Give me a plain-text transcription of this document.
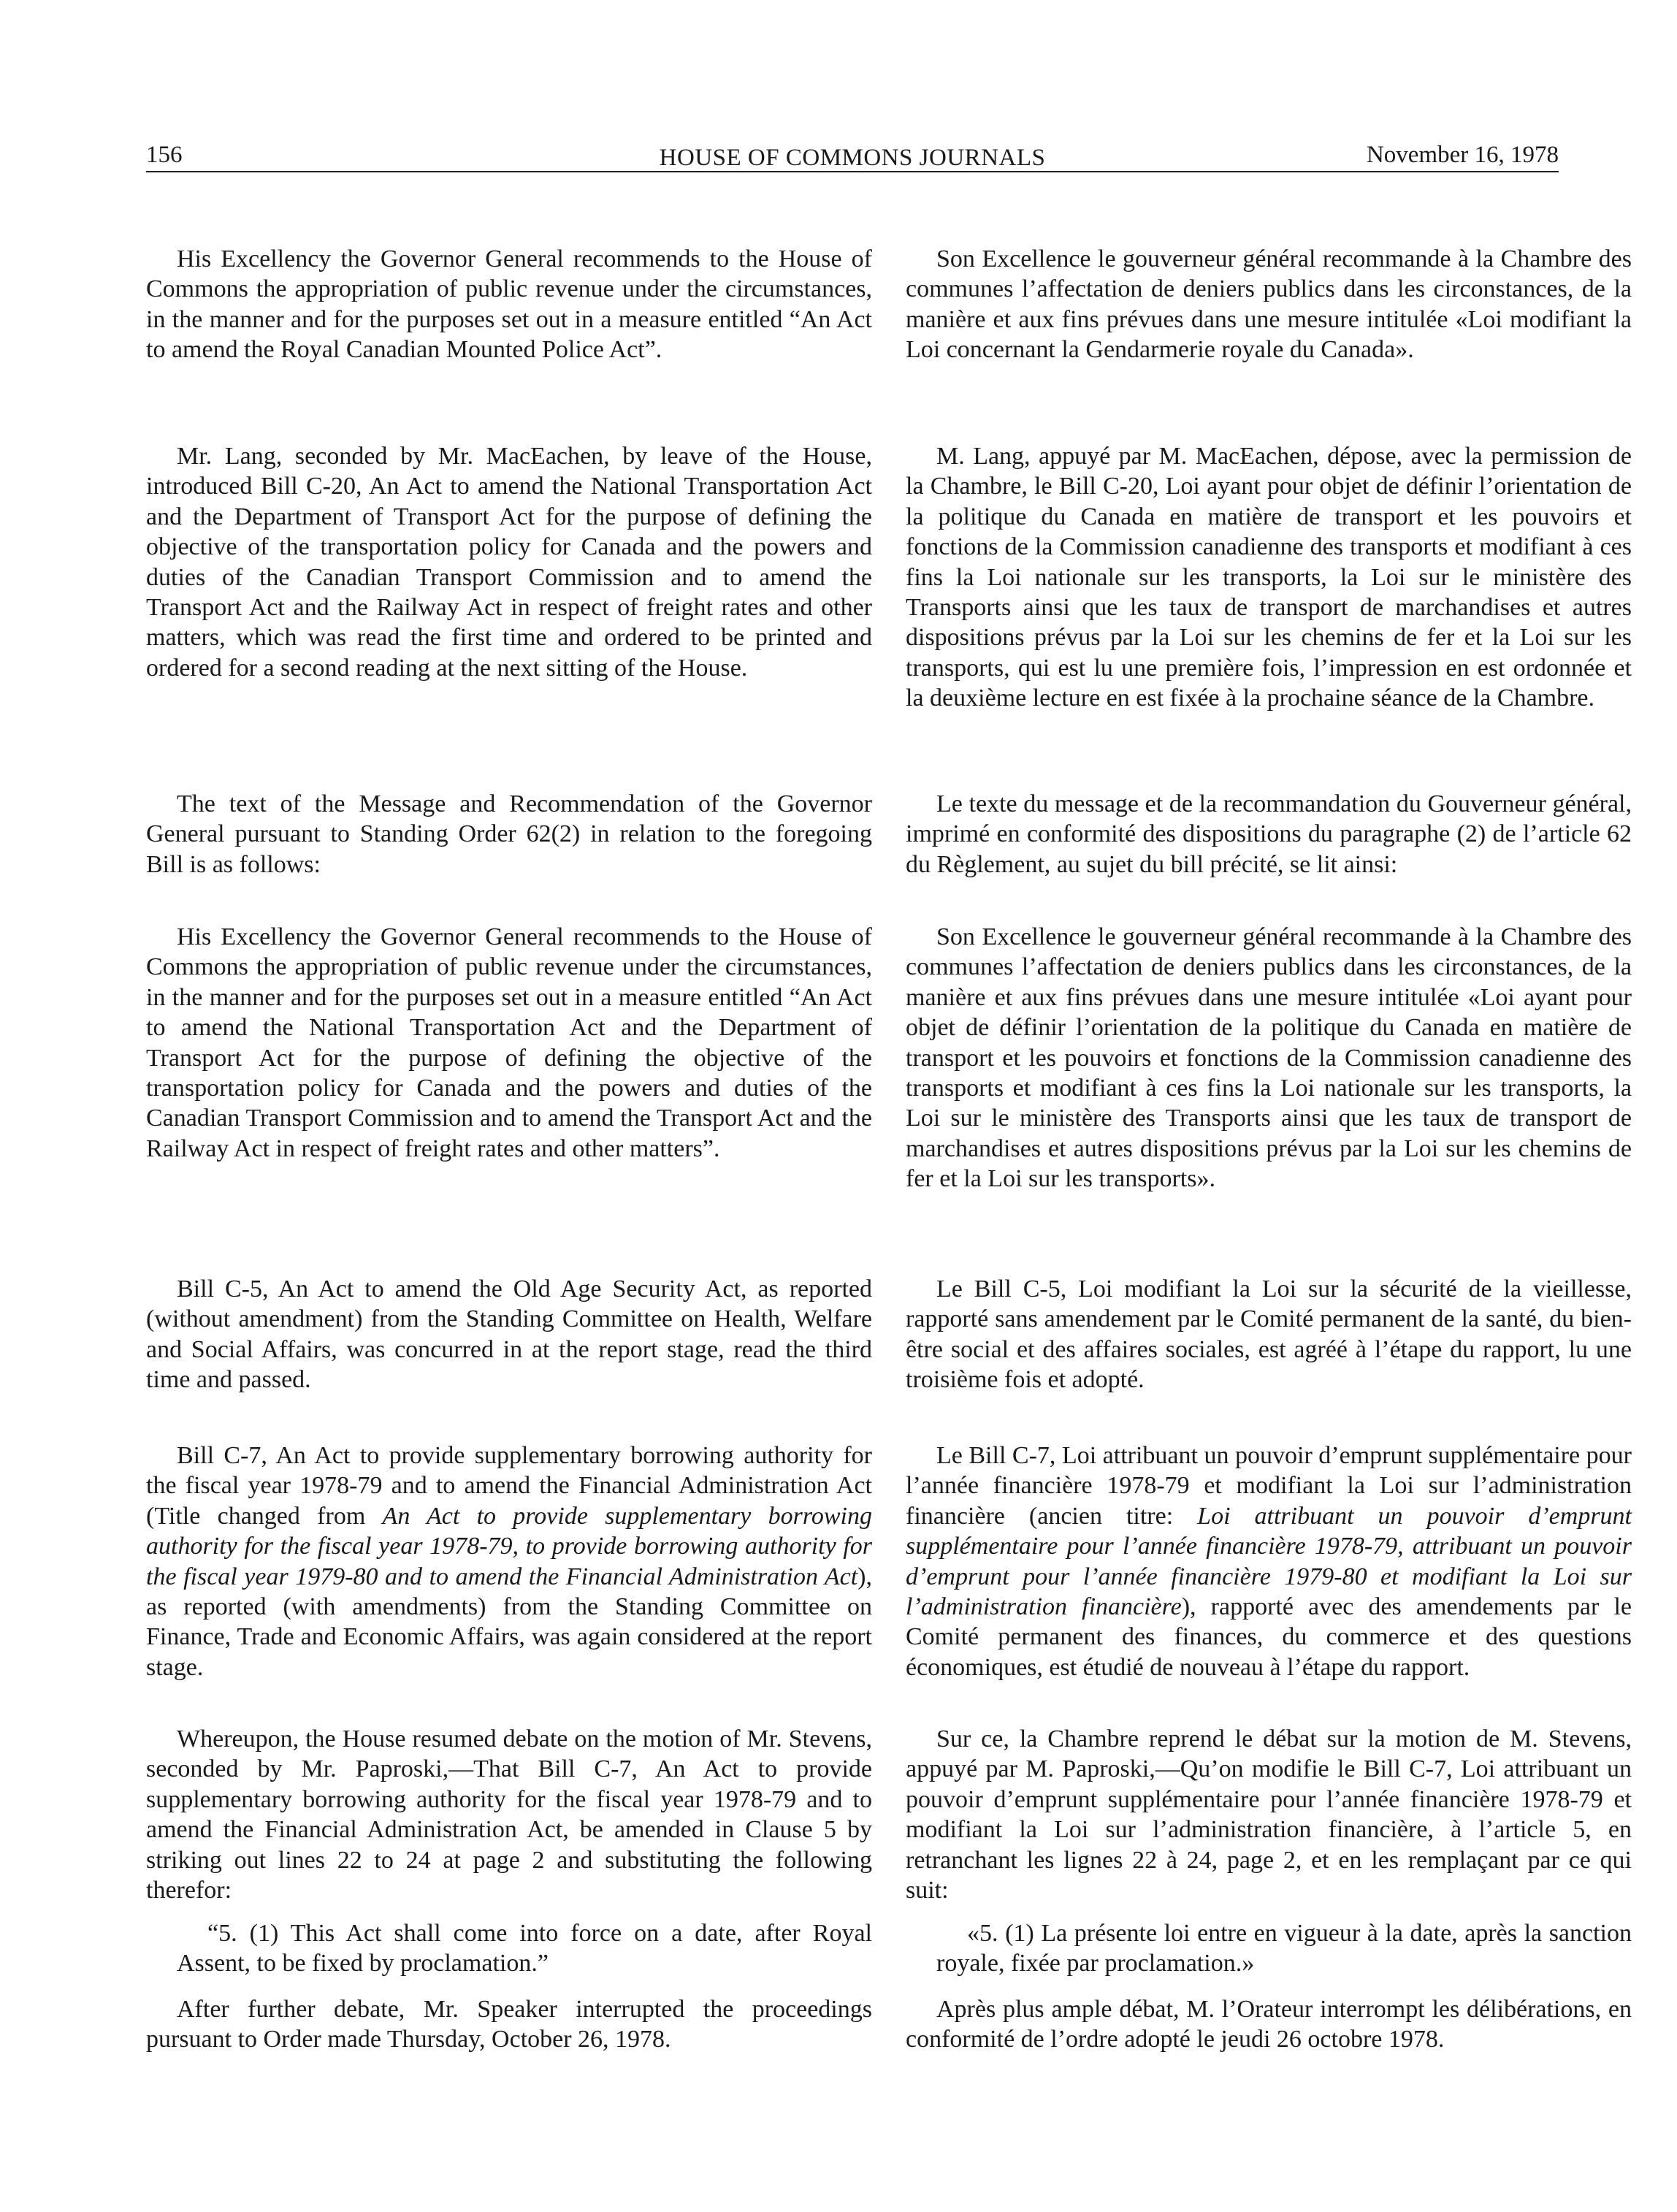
156	HOUSE OF COMMONS JOURNALS	November 16, 1978

His Excellency the Governor General recommends to the House of Commons the appropriation of public revenue under the circumstances, in the manner and for the purposes set out in a measure entitled “An Act to amend the Royal Canadian Mounted Police Act”.

Mr. Lang, seconded by Mr. MacEachen, by leave of the House, introduced Bill C-20, An Act to amend the National Transportation Act and the Department of Transport Act for the purpose of defining the objective of the transportation policy for Canada and the powers and duties of the Canadian Transport Commission and to amend the Transport Act and the Railway Act in respect of freight rates and other matters, which was read the first time and ordered to be printed and ordered for a second reading at the next sitting of the House.

The text of the Message and Recommendation of the Governor General pursuant to Standing Order 62(2) in relation to the foregoing Bill is as follows:

His Excellency the Governor General recommends to the House of Commons the appropriation of public revenue under the circumstances, in the manner and for the purposes set out in a measure entitled “An Act to amend the National Transportation Act and the Department of Transport Act for the purpose of defining the objective of the transportation policy for Canada and the powers and duties of the Canadian Transport Commission and to amend the Transport Act and the Railway Act in respect of freight rates and other matters”.

Bill C-5, An Act to amend the Old Age Security Act, as reported (without amendment) from the Standing Committee on Health, Welfare and Social Affairs, was concurred in at the report stage, read the third time and passed.

Bill C-7, An Act to provide supplementary borrowing authority for the fiscal year 1978-79 and to amend the Financial Administration Act (Title changed from An Act to provide supplementary borrowing authority for the fiscal year 1978-79, to provide borrowing authority for the fiscal year 1979-80 and to amend the Financial Administration Act), as reported (with amendments) from the Standing Committee on Finance, Trade and Economic Affairs, was again considered at the report stage.

Whereupon, the House resumed debate on the motion of Mr. Stevens, seconded by Mr. Paproski,—That Bill C-7, An Act to provide supplementary borrowing authority for the fiscal year 1978-79 and to amend the Financial Administration Act, be amended in Clause 5 by striking out lines 22 to 24 at page 2 and substituting the following therefor:

“5. (1) This Act shall come into force on a date, after Royal Assent, to be fixed by proclamation.”

After further debate, Mr. Speaker interrupted the proceedings pursuant to Order made Thursday, October 26, 1978.

Son Excellence le gouverneur général recommande à la Chambre des communes l’affectation de deniers publics dans les circonstances, de la manière et aux fins prévues dans une mesure intitulée «Loi modifiant la Loi concernant la Gendarmerie royale du Canada».

M. Lang, appuyé par M. MacEachen, dépose, avec la permission de la Chambre, le Bill C-20, Loi ayant pour objet de définir l’orientation de la politique du Canada en matière de transport et les pouvoirs et fonctions de la Commission canadienne des transports et modifiant à ces fins la Loi nationale sur les transports, la Loi sur le ministère des Transports ainsi que les taux de transport de marchandises et autres dispositions prévus par la Loi sur les chemins de fer et la Loi sur les transports, qui est lu une première fois, l’impression en est ordonnée et la deuxième lecture en est fixée à la prochaine séance de la Chambre.

Le texte du message et de la recommandation du Gouverneur général, imprimé en conformité des dispositions du paragraphe (2) de l’article 62 du Règlement, au sujet du bill précité, se lit ainsi:

Son Excellence le gouverneur général recommande à la Chambre des communes l’affectation de deniers publics dans les circonstances, de la manière et aux fins prévues dans une mesure intitulée «Loi ayant pour objet de définir l’orientation de la politique du Canada en matière de transport et les pouvoirs et fonctions de la Commission canadienne des transports et modifiant à ces fins la Loi nationale sur les transports, la Loi sur le ministère des Transports ainsi que les taux de transport de marchandises et autres dispositions prévus par la Loi sur les chemins de fer et la Loi sur les transports».

Le Bill C-5, Loi modifiant la Loi sur la sécurité de la vieillesse, rapporté sans amendement par le Comité permanent de la santé, du bien-être social et des affaires sociales, est agréé à l’étape du rapport, lu une troisième fois et adopté.

Le Bill C-7, Loi attribuant un pouvoir d’emprunt supplémentaire pour l’année financière 1978-79 et modifiant la Loi sur l’administration financière (ancien titre: Loi attribuant un pouvoir d’emprunt supplémentaire pour l’année financière 1978-79, attribuant un pouvoir d’emprunt pour l’année financière 1979-80 et modifiant la Loi sur l’administration financière), rapporté avec des amendements par le Comité permanent des finances, du commerce et des questions économiques, est étudié de nouveau à l’étape du rapport.

Sur ce, la Chambre reprend le débat sur la motion de M. Stevens, appuyé par M. Paproski,—Qu’on modifie le Bill C-7, Loi attribuant un pouvoir d’emprunt supplémentaire pour l’année financière 1978-79 et modifiant la Loi sur l’administration financière, à l’article 5, en retranchant les lignes 22 à 24, page 2, et en les remplaçant par ce qui suit:

«5. (1) La présente loi entre en vigueur à la date, après la sanction royale, fixée par proclamation.»

Après plus ample débat, M. l’Orateur interrompt les délibérations, en conformité de l’ordre adopté le jeudi 26 octobre 1978.
